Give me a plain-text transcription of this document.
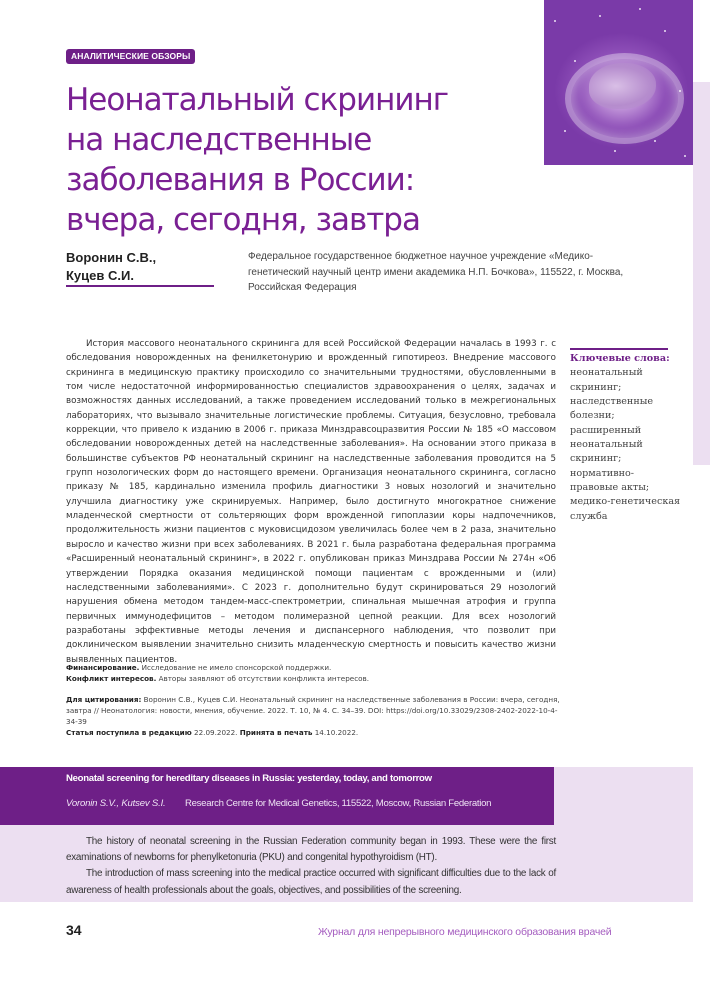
АНАЛИТИЧЕСКИЕ ОБЗОРЫ
Неонатальный скрининг
на наследственные
заболевания в России:
вчера, сегодня, завтра
Воронин С.В.,
Куцев С.И.
Федеральное государственное бюджетное научное учреждение «Медико-генетический научный центр имени академика Н.П. Бочкова», 115522, г. Москва, Российская Федерация

История массового неонатального скрининга для всей Российской Федерации началась в 1993 г. с обследования новорожденных на фенилкетонурию и врожденный гипотиреоз. Внедрение массового скрининга в медицинскую практику происходило со значительными трудностями, обусловленными в том числе недостаточной информированностью специалистов здравоохранения о целях, задачах и возможностях данных исследований, а также проведением исследований только в межрегиональных лабораториях, что вызывало значительные логистические проблемы. Ситуация, безусловно, требовала коррекции, что привело к изданию в 2006 г. приказа Минздравсоцразвития России № 185 «О массовом обследовании новорожденных детей на наследственные заболевания». На основании этого приказа в большинстве субъектов РФ неонатальный скрининг на наследственные заболевания проводится на 5 групп нозологических форм до настоящего времени. Организация неонатального скрининга, согласно приказу № 185, кардинально изменила профиль диагностики 3 новых нозологий и значительно улучшила диагностику уже скринируемых. Например, было достигнуто многократное снижение младенческой смертности от сольтеряющих форм врожденной гипоплазии коры надпочечников, продолжительность жизни пациентов с муковисцидозом увеличилась более чем в 2 раза, значительно выросло и качество жизни при всех заболеваниях. В 2021 г. была разработана федеральная программа «Расширенный неонатальный скрининг», в 2022 г. опубликован приказ Минздрава России № 274н «Об утверждении Порядка оказания медицинской помощи пациентам с врожденными и (или) наследственными заболеваниями». С 2023 г. дополнительно будут скринироваться 29 нозологий нарушения обмена методом тандем-масс-спектрометрии, спинальная мышечная атрофия и группа первичных иммунодефицитов – методом полимеразной цепной реакции. Для всех нозологий разработаны эффективные методы лечения и диспансерного наблюдения, что позволит при доклиническом выявлении значительно снизить младенческую смертность и повысить качество жизни выявленных пациентов.

Ключевые слова:
неонатальный скрининг; наследственные болезни; расширенный неонатальный скрининг; нормативно-правовые акты; медико-генетическая служба
Финансирование. Исследование не имело спонсорской поддержки.
Конфликт интересов. Авторы заявляют об отсутствии конфликта интересов.
Для цитирования: Воронин С.В., Куцев С.И. Неонатальный скрининг на наследственные заболевания в России: вчера, сегодня, завтра // Неонатология: новости, мнения, обучение. 2022. Т. 10, № 4. С. 34–39. DOI: https://doi.org/10.33029/2308-2402-2022-10-4-34-39
Статья поступила в редакцию 22.09.2022. Принята в печать 14.10.2022.
Neonatal screening for hereditary diseases in Russia: yesterday, today, and tomorrow
Voronin S.V., Kutsev S.I. Research Centre for Medical Genetics, 115522, Moscow, Russian Federation

The history of neonatal screening in the Russian Federation community began in 1993. These were the first examinations of newborns for phenylketonuria (PKU) and congenital hypothyroidism (HT).

The introduction of mass screening into the medical practice occurred with significant difficulties due to the lack of awareness of health professionals about the goals, objectives, and possibilities of the screening.

34	Журнал для непрерывного медицинского образования врачей
